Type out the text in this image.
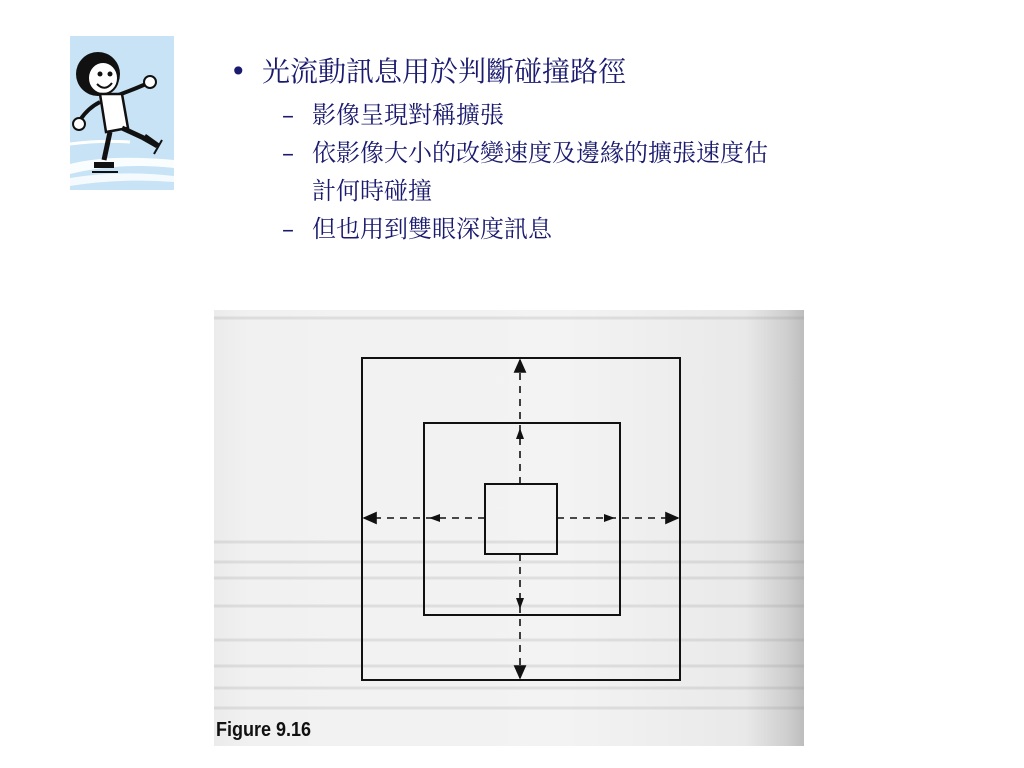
• 光流動訊息用於判斷碰撞路徑

– 影像呈現對稱擴張
– 依影像大小的改變速度及邊緣的擴張速度估計何時碰撞
– 但也用到雙眼深度訊息
Figure 9.16
